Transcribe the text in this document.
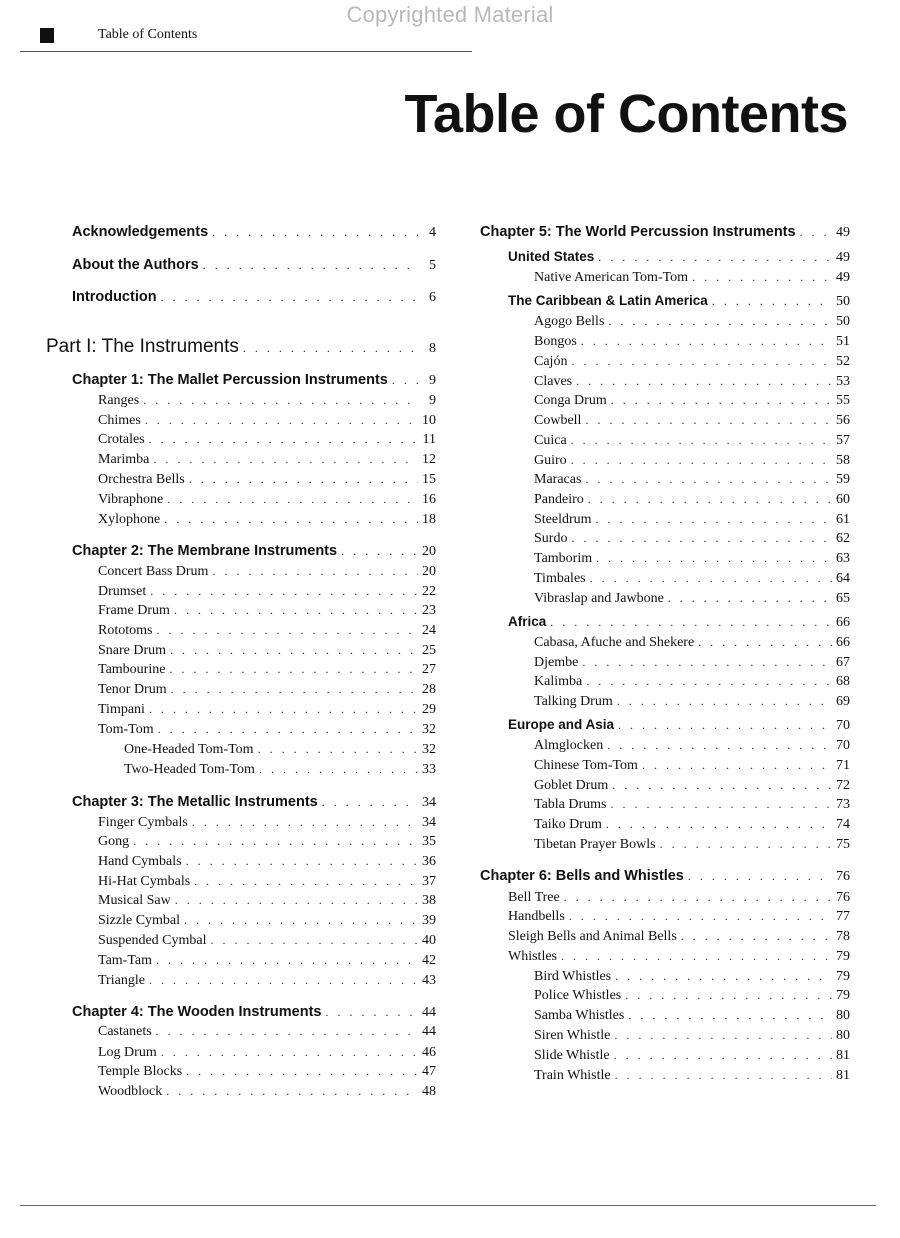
Copyrighted Material
Table of Contents
Table of Contents
Acknowledgements . . .	4
About the Authors . . .	5
Introduction . . .	6
Part I: The Instruments . . .	8
Chapter 1: The Mallet Percussion Instruments . . .	9
Ranges . . .	9
Chimes . . .	10
Crotales . . .	11
Marimba . . .	12
Orchestra Bells . . .	15
Vibraphone . . .	16
Xylophone . . .	18
Chapter 2: The Membrane Instruments . . .	20
Concert Bass Drum . . .	20
Drumset . . .	22
Frame Drum . . .	23
Rototoms . . .	24
Snare Drum . . .	25
Tambourine . . .	27
Tenor Drum . . .	28
Timpani . . .	29
Tom-Tom . . .	32
One-Headed Tom-Tom . . .	32
Two-Headed Tom-Tom . . .	33
Chapter 3: The Metallic Instruments . . .	34
Finger Cymbals . . .	34
Gong . . .	35
Hand Cymbals . . .	36
Hi-Hat Cymbals . . .	37
Musical Saw . . .	38
Sizzle Cymbal . . .	39
Suspended Cymbal . . .	40
Tam-Tam . . .	42
Triangle . . .	43
Chapter 4: The Wooden Instruments . . .	44
Castanets . . .	44
Log Drum . . .	46
Temple Blocks . . .	47
Woodblock . . .	48
Chapter 5: The World Percussion Instruments . . .	49
United States . . .	49
Native American Tom-Tom . . .	49
The Caribbean & Latin America . . .	50
Agogo Bells . . .	50
Bongos . . .	51
Cajón . . .	52
Claves . . .	53
Conga Drum . . .	55
Cowbell . . .	56
Cuica . . .	57
Guiro . . .	58
Maracas . . .	59
Pandeiro . . .	60
Steeldrum . . .	61
Surdo . . .	62
Tamborim . . .	63
Timbales . . .	64
Vibraslap and Jawbone . . .	65
Africa . . .	66
Cabasa, Afuche and Shekere . . .	66
Djembe . . .	67
Kalimba . . .	68
Talking Drum . . .	69
Europe and Asia . . .	70
Almglocken . . .	70
Chinese Tom-Tom . . .	71
Goblet Drum . . .	72
Tabla Drums . . .	73
Taiko Drum . . .	74
Tibetan Prayer Bowls . . .	75
Chapter 6: Bells and Whistles . . .	76
Bell Tree . . .	76
Handbells . . .	77
Sleigh Bells and Animal Bells . . .	78
Whistles . . .	79
Bird Whistles . . .	79
Police Whistles . . .	79
Samba Whistles . . .	80
Siren Whistle . . .	80
Slide Whistle . . .	81
Train Whistle . . .	81
